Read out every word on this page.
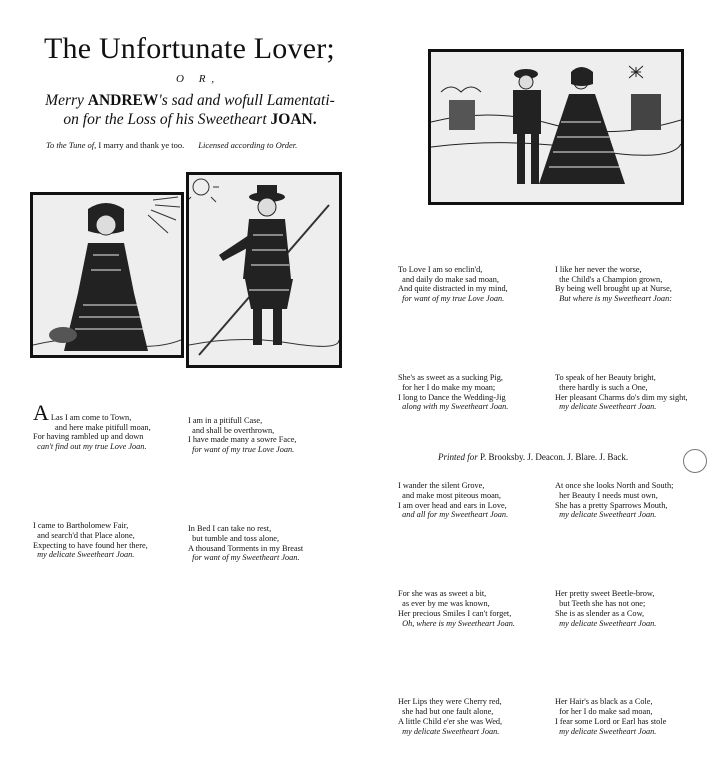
The Unfortunate Lover;
O R,
Merry ANDREW's sad and wofull Lamentati-
on for the Loss of his Sweetheart JOAN.
To the Tune of, I marry and thank ye too. Licensed according to Order.

A Las I am come to Town,
and here make pitifull moan,
For having rambled up and down
can't find out my true Love Joan.

I came to Bartholomew Fair,
and search'd that Place alone,
Expecting to have found her there,
my delicate Sweetheart Joan.

I am in a pitifull Case,
and shall be overthrown,
I have made many a sowre Face,
for want of my true Love Joan.

In Bed I can take no rest,
but tumble and toss alone,
A thousand Torments in my Breast
for want of my Sweetheart Joan.

To Love I am so enclin'd,
and daily do make sad moan,
And quite distracted in my mind,
for want of my true Love Joan.

She's as sweet as a sucking Pig,
for her I do make my moan;
I long to Dance the Wedding-Jig
along with my Sweetheart Joan.

I wander the silent Grove,
and make most piteous moan,
I am over head and ears in Love,
and all for my Sweetheart Joan.

For she was as sweet a bit,
as ever by me was known,
Her precious Smiles I can't forget,
Oh, where is my Sweetheart Joan.

Her Lips they were Cherry red,
she had but one fault alone,
A little Child e'er she was Wed,
my delicate Sweetheart Joan.

I like her never the worse,
the Child's a Champion grown,
By being well brought up at Nurse,
But where is my Sweetheart Joan:

To speak of her Beauty bright,
there hardly is such a One,
Her pleasant Charms do's dim my sight,
my delicate Sweetheart Joan.

At once she looks North and South;
her Beauty I needs must own,
She has a pretty Sparrows Mouth,
my delicate Sweetheart Joan.

Her pretty sweet Beetle-brow,
but Teeth she has not one;
She is as slender as a Cow,
my delicate Sweetheart Joan.

Her Hair's as black as a Cole,
for her I do make sad moan,
I fear some Lord or Earl has stole
my delicate Sweetheart Joan.

Printed for P. Brooksby. J. Deacon. J. Blare. J. Back.
